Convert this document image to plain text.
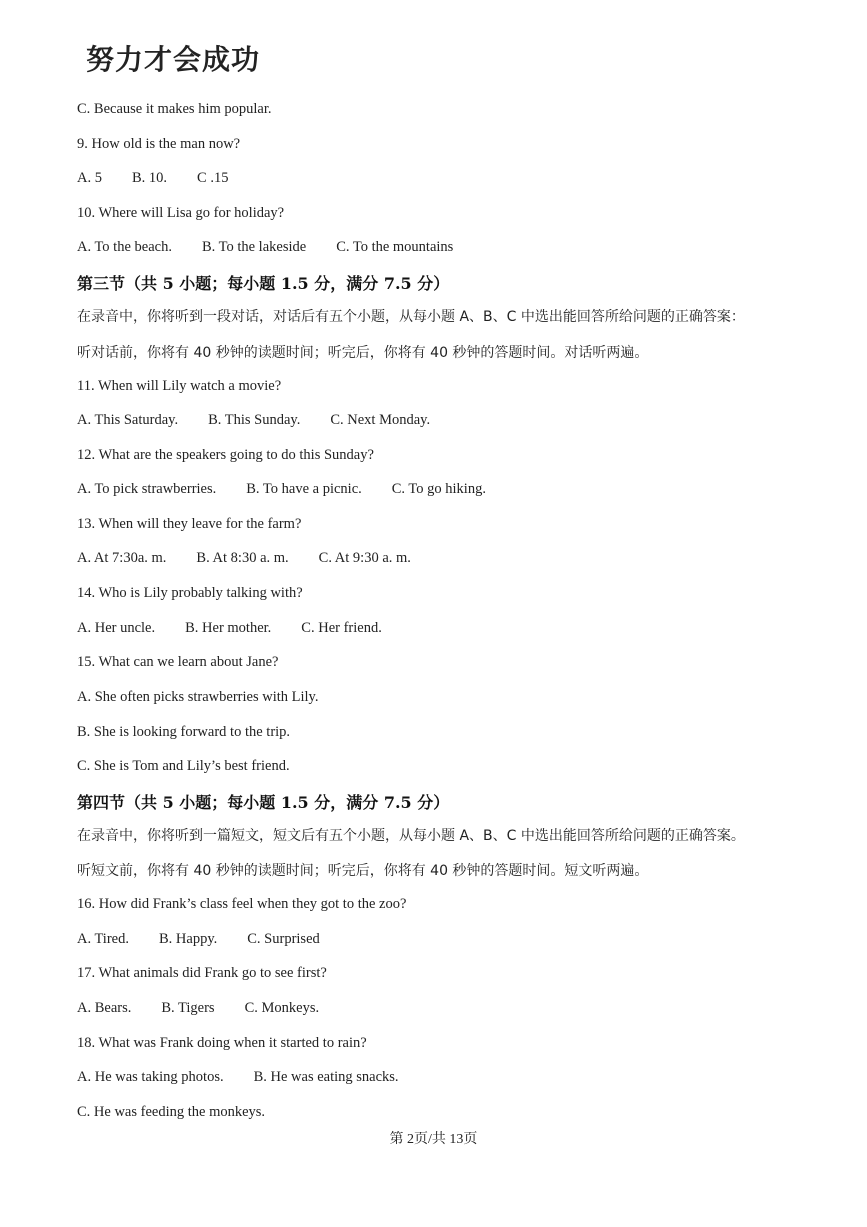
努力才会成功
C. Because it makes him popular.
9. How old is the man now?
A. 5 B. 10. C .15
10. Where will Lisa go for holiday?
A. To the beach. B. To the lakeside C. To the mountains
第三节（共 5 小题；每小题 1.5 分，满分 7.5 分）
在录音中，你将听到一段对话，对话后有五个小题，从每小题 A、B、C 中选出能回答所给问题的正确答案：
听对话前，你将有 40 秒钟的读题时间；听完后，你将有 40 秒钟的答题时间。对话听两遍。
11. When will Lily watch a movie?
A. This Saturday. B. This Sunday. C. Next Monday.
12. What are the speakers going to do this Sunday?
A. To pick strawberries. B. To have a picnic. C. To go hiking.
13. When will they leave for the farm?
A. At 7:30a. m. B. At 8:30 a. m. C. At 9:30 a. m.
14. Who is Lily probably talking with?
A. Her uncle. B. Her mother. C. Her friend.
15. What can we learn about Jane?
A. She often picks strawberries with Lily.
B. She is looking forward to the trip.
C. She is Tom and Lily’s best friend.
第四节（共 5 小题；每小题 1.5 分，满分 7.5 分）
在录音中，你将听到一篇短文，短文后有五个小题，从每小题 A、B、C 中选出能回答所给问题的正确答案。
听短文前，你将有 40 秒钟的读题时间；听完后，你将有 40 秒钟的答题时间。短文听两遍。
16. How did Frank’s class feel when they got to the zoo?
A. Tired. B. Happy. C. Surprised
17. What animals did Frank go to see first?
A. Bears. B. Tigers C. Monkeys.
18. What was Frank doing when it started to rain?
A. He was taking photos. B. He was eating snacks.
C. He was feeding the monkeys.
第 2页/共 13页
